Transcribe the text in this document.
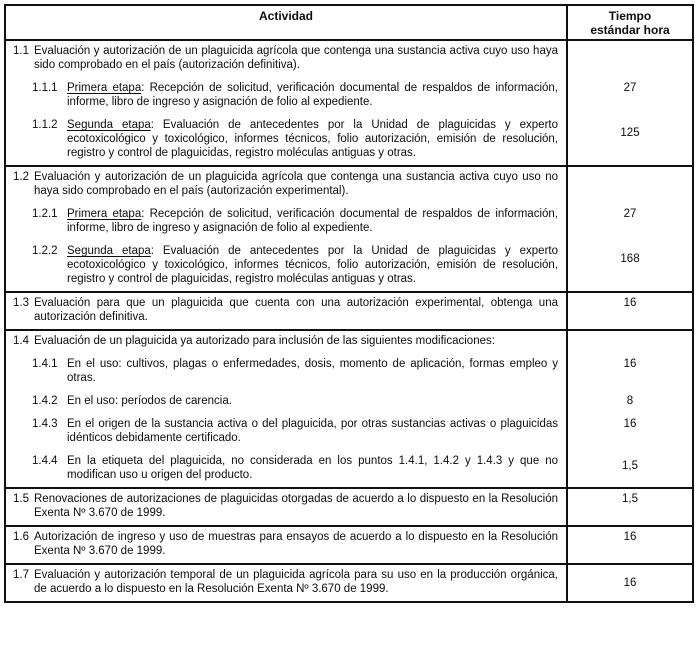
Actividad	Tiempo
estándar hora
1.1 Evaluación y autorización de un plaguicida agrícola que contenga una sustancia activa cuyo uso haya sido comprobado en el país (autorización definitiva).
1.1.1 Primera etapa: Recepción de solicitud, verificación documental de respaldos de información, informe, libro de ingreso y asignación de folio al expediente.
27
1.1.2 Segunda etapa: Evaluación de antecedentes por la Unidad de plaguicidas y experto ecotoxicológico y toxicológico, informes técnicos, folio autorización, emisión de resolución, registro y control de plaguicidas, registro moléculas antiguas y otras.
125
1.2 Evaluación y autorización de un plaguicida agrícola que contenga una sustancia activa cuyo uso no haya sido comprobado en el país (autorización experimental).
1.2.1 Primera etapa: Recepción de solicitud, verificación documental de respaldos de información, informe, libro de ingreso y asignación de folio al expediente.
27
1.2.2 Segunda etapa: Evaluación de antecedentes por la Unidad de plaguicidas y experto ecotoxicológico y toxicológico, informes técnicos, folio autorización, emisión de resolución, registro y control de plaguicidas, registro moléculas antiguas y otras.
168
1.3 Evaluación para que un plaguicida que cuenta con una autorización experimental, obtenga una autorización definitiva.
16
1.4 Evaluación de un plaguicida ya autorizado para inclusión de las siguientes modificaciones:
1.4.1 En el uso: cultivos, plagas o enfermedades, dosis, momento de aplicación, formas empleo y otras.
16
1.4.2 En el uso: períodos de carencia.	8
1.4.3 En el origen de la sustancia activa o del plaguicida, por otras sustancias activas o plaguicidas idénticos debidamente certificado.
16
1.4.4 En la etiqueta del plaguicida, no considerada en los puntos 1.4.1, 1.4.2 y 1.4.3 y que no modifican uso u origen del producto.
1,5
1.5 Renovaciones de autorizaciones de plaguicidas otorgadas de acuerdo a lo dispuesto en la Resolución Exenta Nº 3.670 de 1999.
1,5
1.6 Autorización de ingreso y uso de muestras para ensayos de acuerdo a lo dispuesto en la Resolución Exenta Nº 3.670 de 1999.
16
1.7 Evaluación y autorización temporal de un plaguicida agrícola para su uso en la producción orgánica, de acuerdo a lo dispuesto en la Resolución Exenta Nº 3.670 de 1999.
16
